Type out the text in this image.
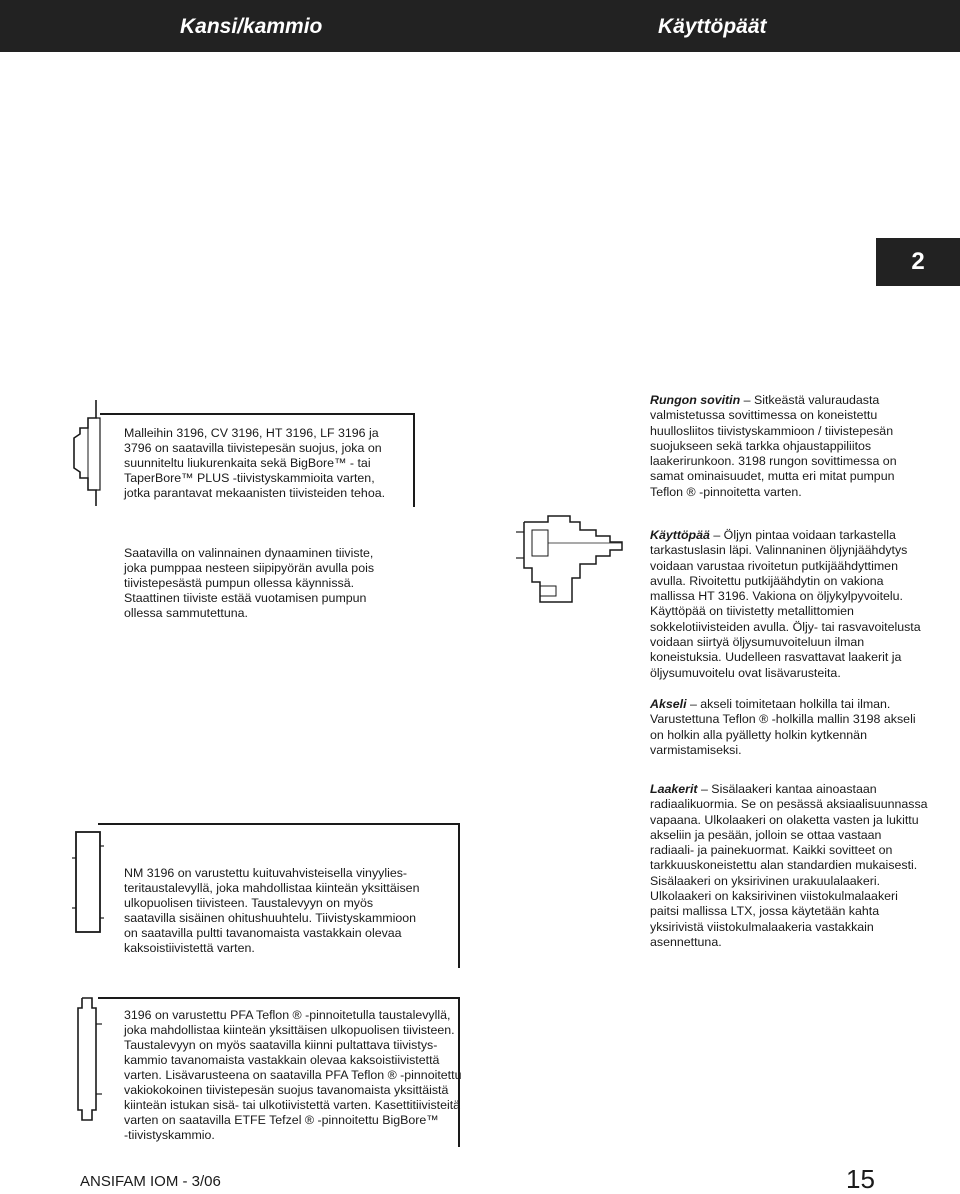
Kansi/kammio	Käyttöpäät
2
Malleihin 3196, CV 3196, HT 3196, LF 3196 ja
3796 on saatavilla tiivistepesän suojus, joka on
suunniteltu liukurenkaita sekä BigBore™ - tai
TaperBore™ PLUS -tiivistyskammioita varten,
jotka parantavat mekaanisten tiivisteiden tehoa.
Saatavilla on valinnainen dynaaminen tiiviste,
joka pumppaa nesteen siipipyörän avulla pois
tiivistepesästä pumpun ollessa käynnissä.
Staattinen tiiviste estää vuotamisen pumpun
ollessa sammutettuna.
NM 3196 on varustettu kuituvahvisteisella vinyylies-
teritaustalevyllä, joka mahdollistaa kiinteän yksittäisen
ulkopuolisen tiivisteen. Taustalevyyn on myös
saatavilla sisäinen ohitushuuhtelu. Tiivistyskammioon
on saatavilla pultti tavanomaista vastakkain olevaa
kaksoistiivistettä varten.
3196 on varustettu PFA Teflon ® -pinnoitetulla taustalevyllä,
joka mahdollistaa kiinteän yksittäisen ulkopuolisen tiivisteen.
Taustalevyyn on myös saatavilla kiinni pultattava tiivistys-
kammio tavanomaista vastakkain olevaa kaksoistiivistettä
varten. Lisävarusteena on saatavilla PFA Teflon ® -pinnoitettu
vakiokokoinen tiivistepesän suojus tavanomaista yksittäistä
kiinteän istukan sisä- tai ulkotiivistettä varten. Kasettitiivisteitä
varten on saatavilla ETFE Tefzel ® -pinnoitettu BigBore™
-tiivistyskammio.
Rungon sovitin – Sitkeästä valuraudasta
valmistetussa sovittimessa on koneistettu
huullosliitos tiivistyskammioon / tiivistepesän
suojukseen sekä tarkka ohjaustappiliitos
laakerirunkoon. 3198 rungon sovittimessa on
samat ominaisuudet, mutta eri mitat pumpun
Teflon ® -pinnoitetta varten.
Käyttöpää – Öljyn pintaa voidaan tarkastella
tarkastuslasin läpi. Valinnaninen öljynjäähdytys
voidaan varustaa rivoitetun putkijäähdyttimen
avulla. Rivoitettu putkijäähdytin on vakiona
mallissa HT 3196. Vakiona on öljykylpyvoitelu.
Käyttöpää on tiivistetty metallittomien
sokkelotiivisteiden avulla. Öljy- tai rasvavoitelusta
voidaan siirtyä öljysumuvoiteluun ilman
koneistuksia. Uudelleen rasvattavat laakerit ja
öljysumuvoitelu ovat lisävarusteita.
Akseli – akseli toimitetaan holkilla tai ilman.
Varustettuna Teflon ® -holkilla mallin 3198 akseli
on holkin alla pyälletty holkin kytkennän
varmistamiseksi.
Laakerit – Sisälaakeri kantaa ainoastaan
radiaalikuormia. Se on pesässä aksiaalisuunnassa
vapaana. Ulkolaakeri on olaketta vasten ja lukittu
akseliin ja pesään, jolloin se ottaa vastaan
radiaali- ja painekuormat. Kaikki sovitteet on
tarkkuuskoneistettu alan standardien mukaisesti.
Sisälaakeri on yksirivinen urakuulalaakeri.
Ulkolaakeri on kaksirivinen viistokulmalaakeri
paitsi mallissa LTX, jossa käytetään kahta
yksirivistä viistokulmalaakeria vastakkain
asennettuna.
ANSIFAM IOM - 3/06	15
